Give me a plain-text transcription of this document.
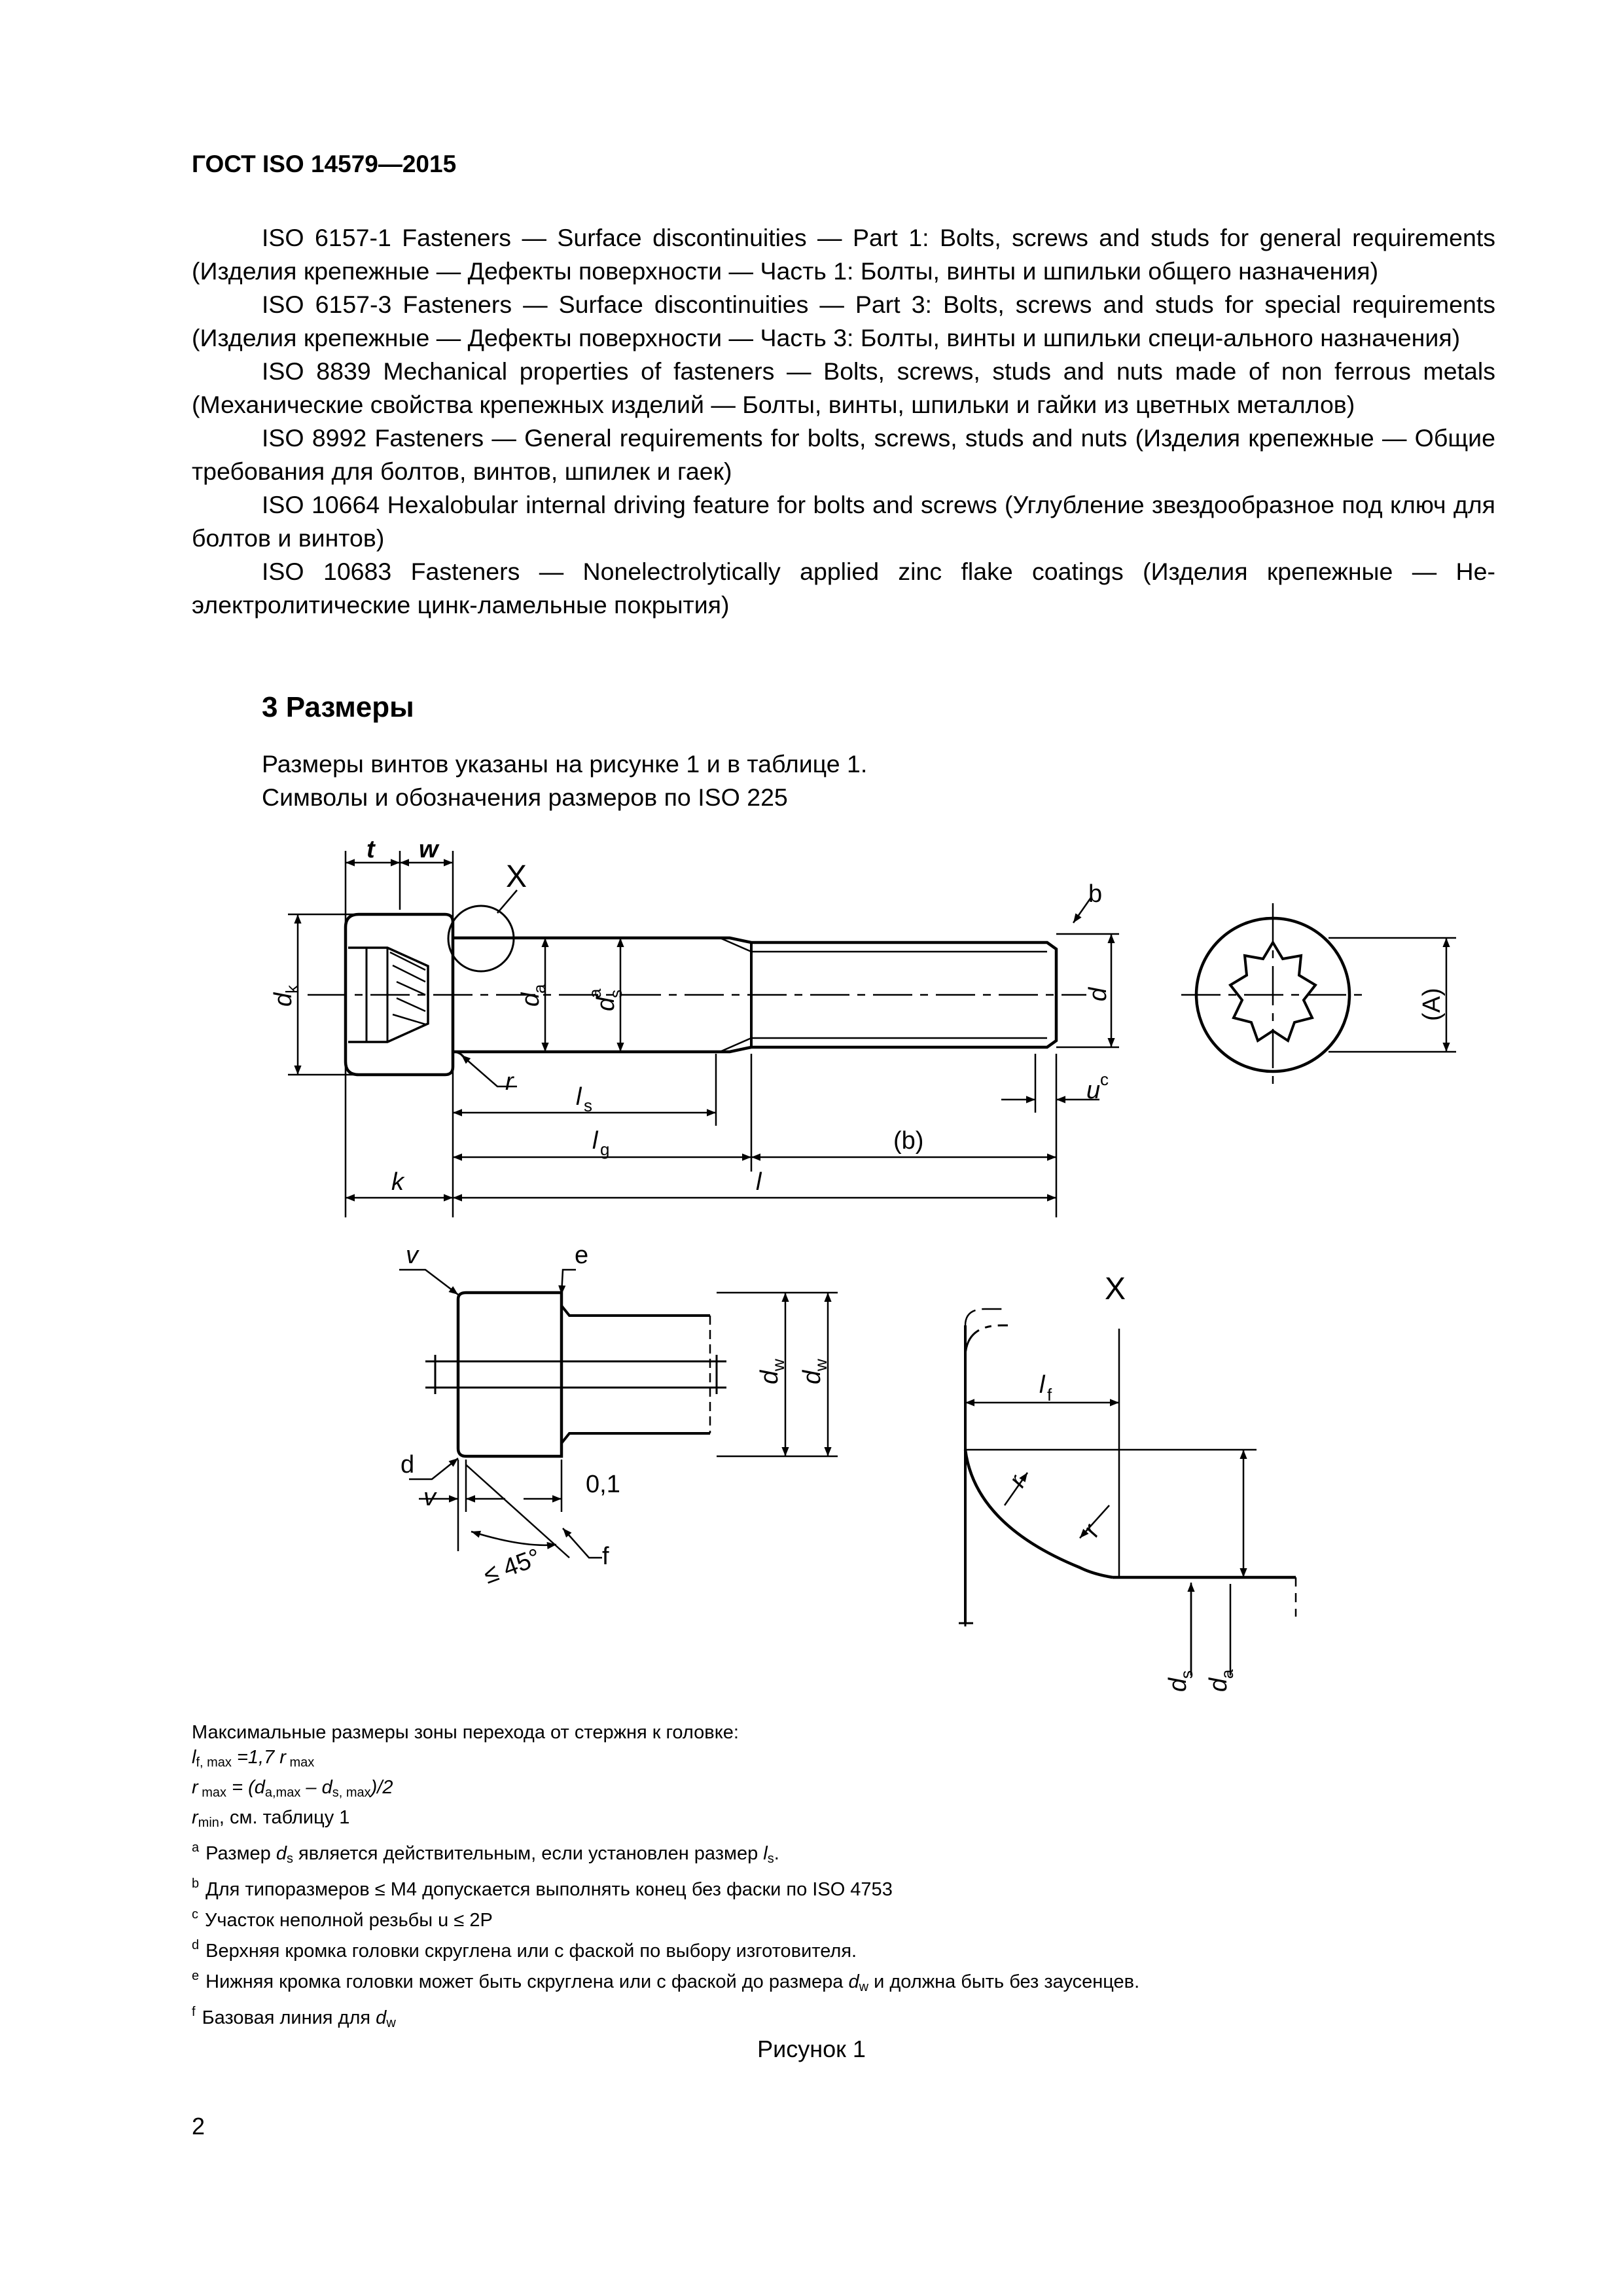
ГОСТ ISO 14579—2015

ISO 6157-1 Fasteners — Surface discontinuities — Part 1: Bolts, screws and studs for general requirements (Изделия крепежные — Дефекты поверхности — Часть 1: Болты, винты и шпильки общего назначения)

ISO 6157-3 Fasteners — Surface discontinuities — Part 3: Bolts, screws and studs for special requirements (Изделия крепежные — Дефекты поверхности — Часть 3: Болты, винты и шпильки специ-ального назначения)

ISO 8839 Mechanical properties of fasteners — Bolts, screws, studs and nuts made of non ferrous metals (Механические свойства крепежных изделий — Болты, винты, шпильки и гайки из цветных металлов)

ISO 8992 Fasteners — General requirements for bolts, screws, studs and nuts (Изделия крепежные — Общие требования для болтов, винтов, шпилек и гаек)

ISO 10664 Hexalobular internal driving feature for bolts and screws (Углубление звездообразное под ключ для болтов и винтов)

ISO 10683 Fasteners — Nonelectrolytically applied zinc flake coatings (Изделия крепежные — Не-электролитические цинк-ламельные покрытия)

3 Размеры
Размеры винтов указаны на рисунке 1 и в таблице 1.
Символы и обозначения размеров по ISO 225
t w
X	b
d
k
d
a
d
s
a	d	(A)
r
l s
u c
l g	(b)
k	l
v	e
d
w
d
w
d
v	0,1
f
≤ 45°
X
l f
r
r
d
s
d
a
Максимальные размеры зоны перехода от стержня к головке:
$l_{f, max} =1,7$ r $_{max}$
r $_{max} = (d_{a,max} - d_{s, max})/2$
$r_{min}$, см. таблицу 1
$^a$ Размер $d_s$ является действительным, если установлен размер $l_s$.
$^b$ Для типоразмеров ≤ М4 допускается выполнять конец без фаски по ISO 4753
$^c$ Участок неполной резьбы u ≤ 2P
$^d$ Верхняя кромка головки скруглена или с фаской по выбору изготовителя.
$^e$ Нижняя кромка головки может быть скруглена или с фаской до размера $d_w$ и должна быть без заусенцев.
$^f$ Базовая линия для $d_w$
Рисунок 1
2
